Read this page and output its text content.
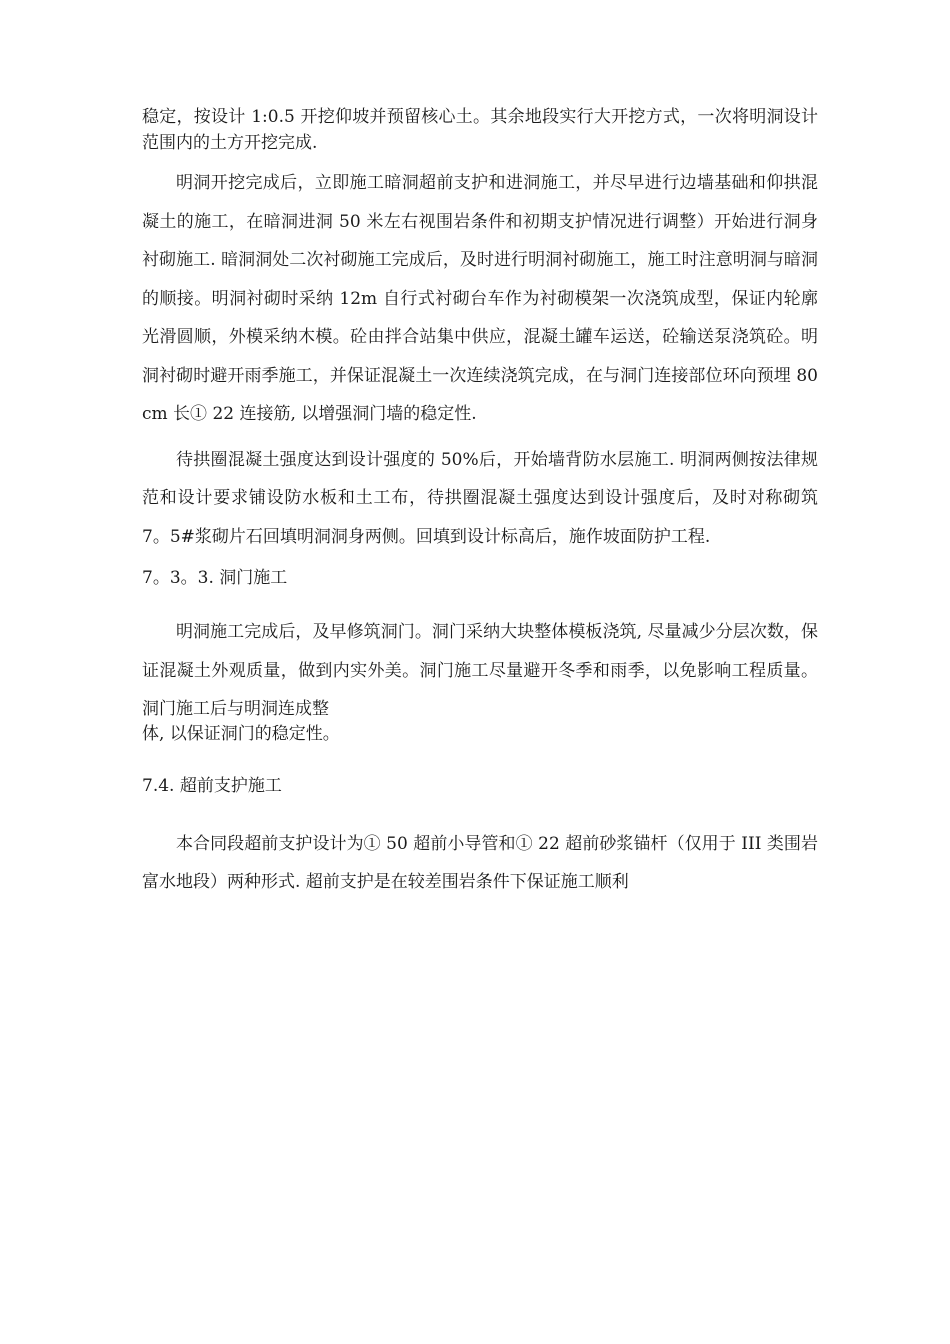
稳定，按设计 1:0.5 开挖仰坡并预留核心土。其余地段实行大开挖方式，一次将明洞设计范围内的土方开挖完成.

明洞开挖完成后，立即施工暗洞超前支护和进洞施工，并尽早进行边墙基础和仰拱混凝土的施工，在暗洞进洞 50 米左右视围岩条件和初期支护情况进行调整）开始进行洞身衬砌施工. 暗洞洞处二次衬砌施工完成后，及时进行明洞衬砌施工，施工时注意明洞与暗洞的顺接。明洞衬砌时采纳 12m 自行式衬砌台车作为衬砌模架一次浇筑成型，保证内轮廓光滑圆顺，外模采纳木模。砼由拌合站集中供应，混凝土罐车运送，砼输送泵浇筑砼。明洞衬砌时避开雨季施工，并保证混凝土一次连续浇筑完成，在与洞门连接部位环向预埋 80cm 长① 22 连接筋, 以增强洞门墙的稳定性.

待拱圈混凝土强度达到设计强度的 50%后，开始墙背防水层施工. 明洞两侧按法律规范和设计要求铺设防水板和土工布，待拱圈混凝土强度达到设计强度后，及时对称砌筑 7。5#浆砌片石回填明洞洞身两侧。回填到设计标高后，施作坡面防护工程.

7。3。3. 洞门施工

明洞施工完成后，及早修筑洞门。洞门采纳大块整体模板浇筑, 尽量减少分层次数，保证混凝土外观质量，做到内实外美。洞门施工尽量避开冬季和雨季，以免影响工程质量。洞门施工后与明洞连成整
体, 以保证洞门的稳定性。

7.4. 超前支护施工

本合同段超前支护设计为① 50 超前小导管和① 22 超前砂浆锚杆（仅用于 III 类围岩富水地段）两种形式. 超前支护是在较差围岩条件下保证施工顺利
